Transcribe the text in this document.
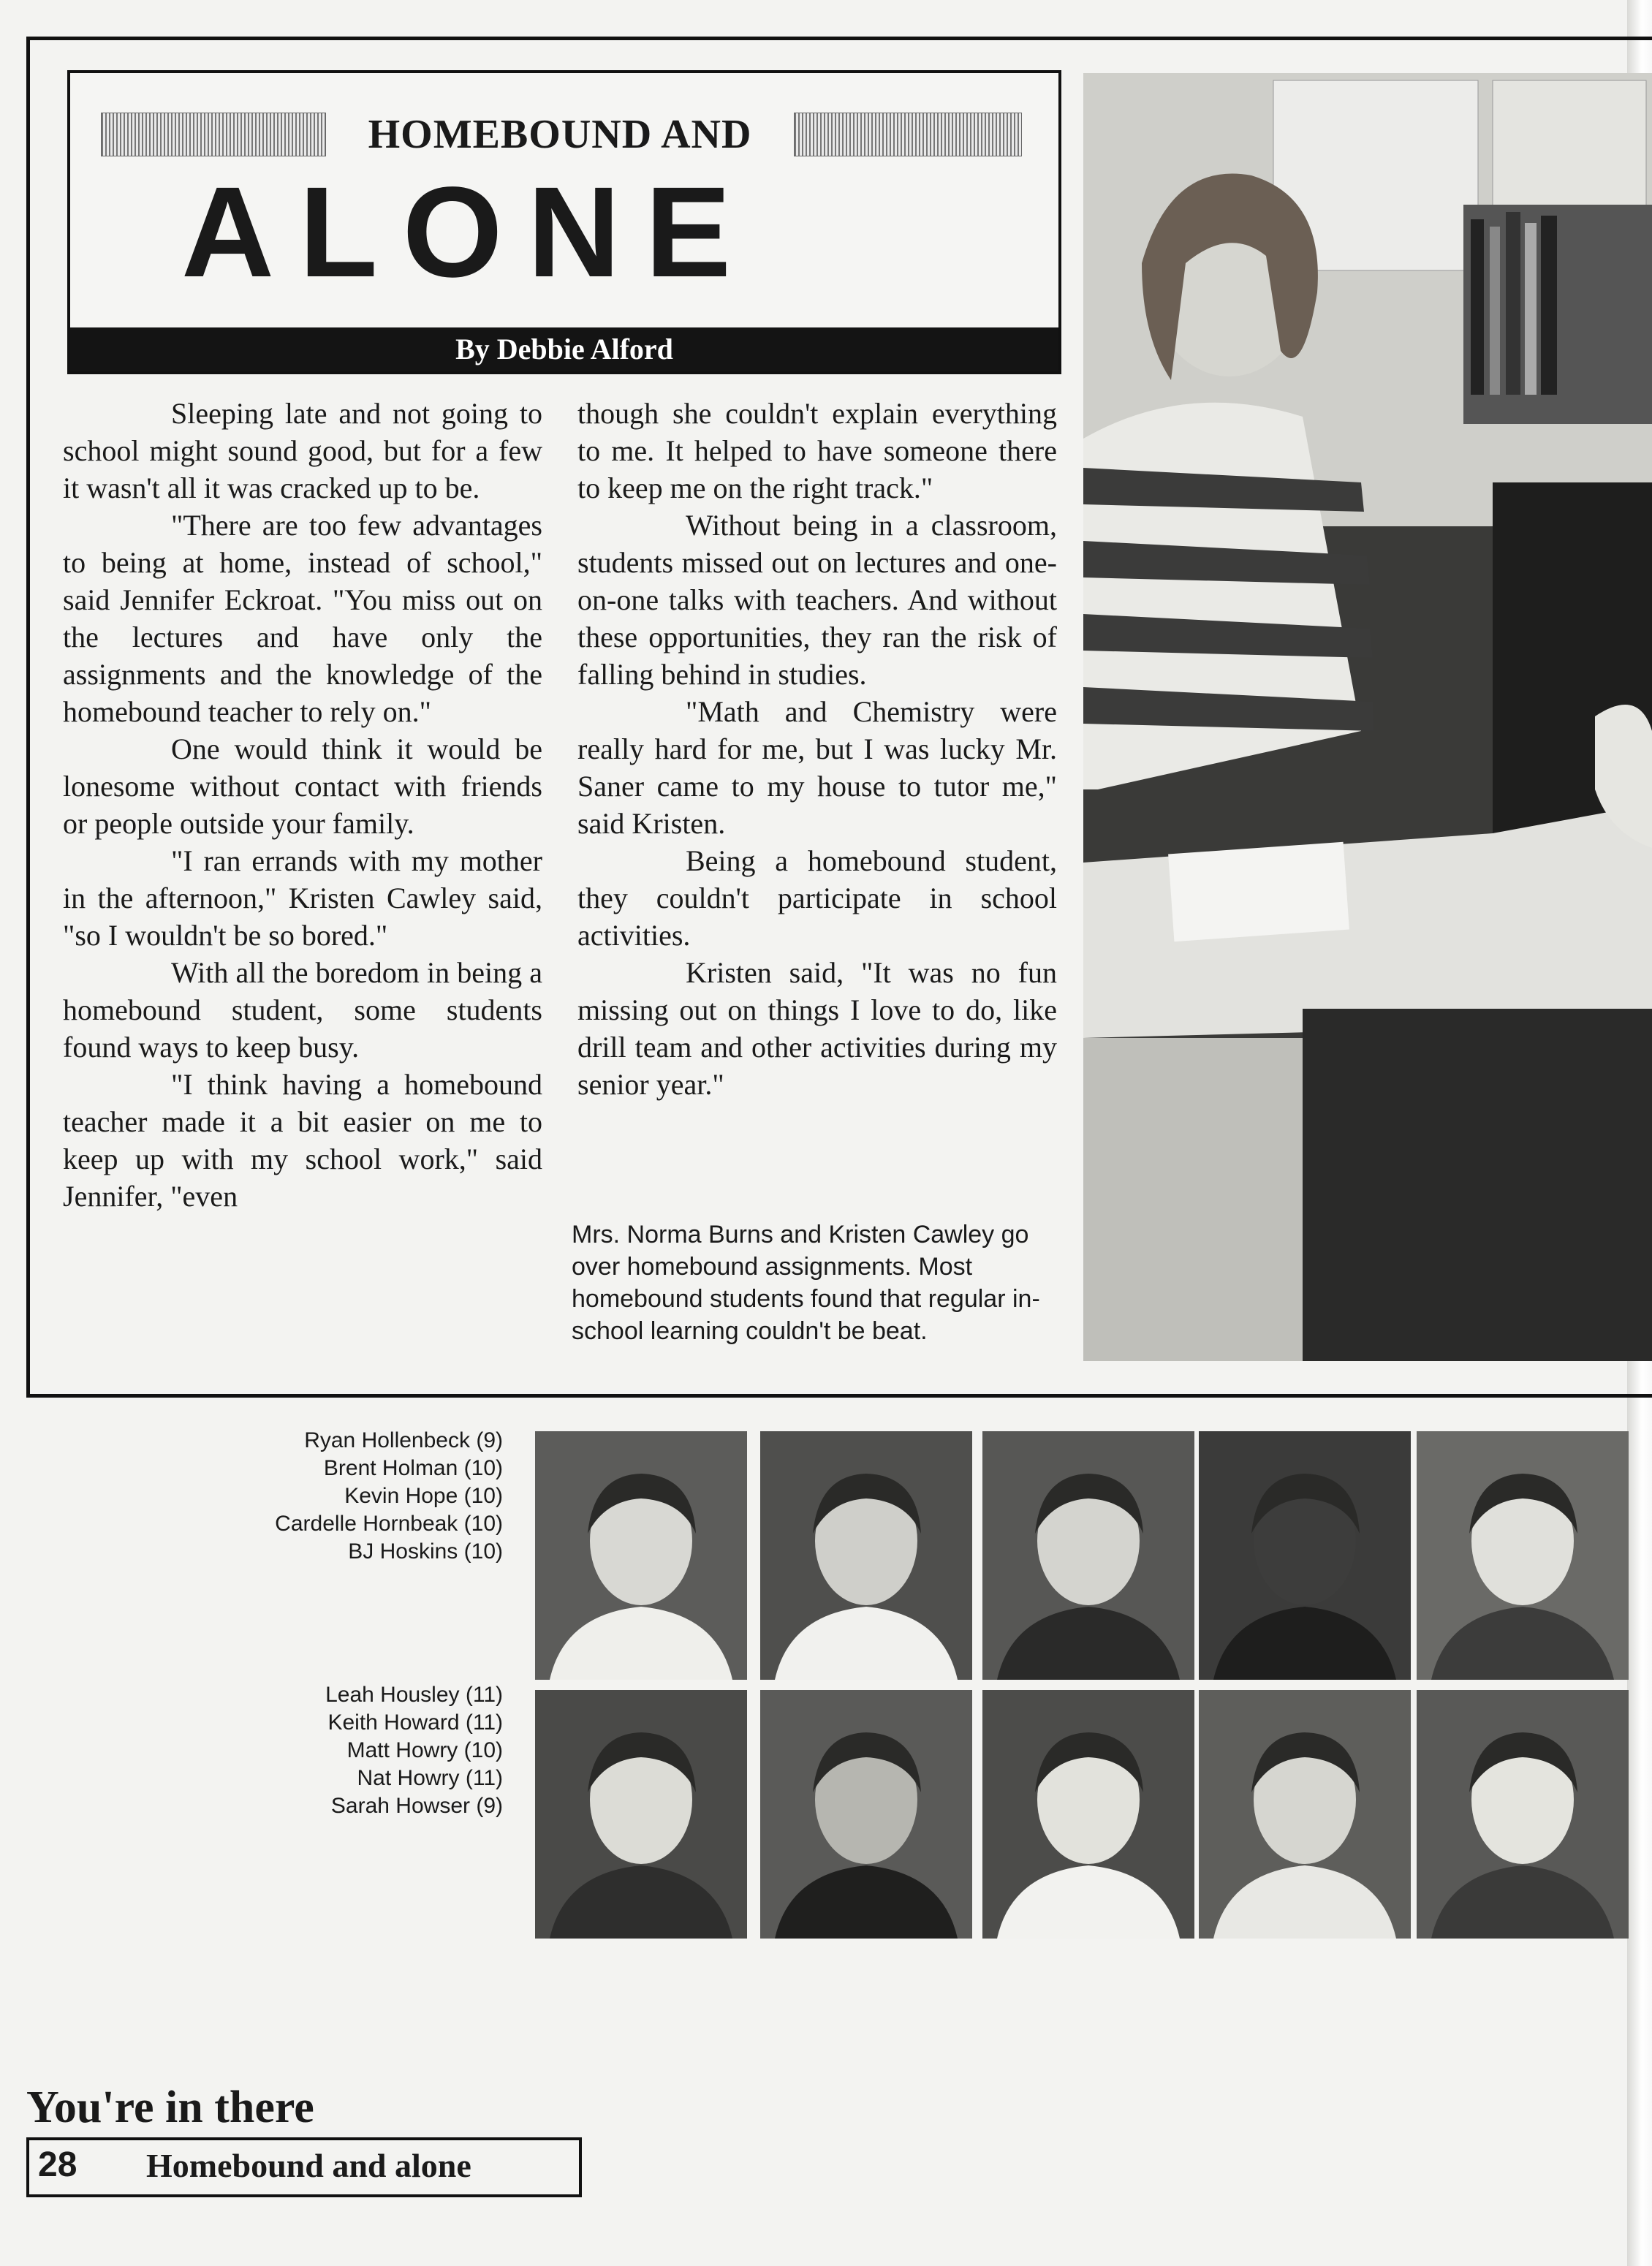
HOMEBOUND AND
ALONE
By Debbie Alford

Sleeping late and not going to school might sound good, but for a few it wasn't all it was cracked up to be.

"There are too few advantages to being at home, instead of school," said Jennifer Eckroat. "You miss out on the lectures and have only the assignments and the knowledge of the homebound teacher to rely on."

One would think it would be lonesome without contact with friends or people outside your family.

"I ran errands with my mother in the afternoon," Kristen Cawley said, "so I wouldn't be so bored."

With all the boredom in being a homebound student, some students found ways to keep busy.

"I think having a homebound teacher made it a bit easier on me to keep up with my school work," said Jennifer, "even

though she couldn't explain everything to me. It helped to have someone there to keep me on the right track."

Without being in a classroom, students missed out on lectures and one-on-one talks with teachers. And without these opportunities, they ran the risk of falling behind in studies.

"Math and Chemistry were really hard for me, but I was lucky Mr. Saner came to my house to tutor me," said Kristen.

Being a homebound student, they couldn't participate in school activities.

Kristen said, "It was no fun missing out on things I love to do, like drill team and other activities during my senior year."

Mrs. Norma Burns and Kristen Cawley go over homebound assignments. Most homebound students found that regular in-school learning couldn't be beat.
Ryan Hollenbeck (9)
Brent Holman (10)
Kevin Hope (10)
Cardelle Hornbeak (10)
BJ Hoskins (10)
Leah Housley (11)
Keith Howard (11)
Matt Howry (10)
Nat Howry (11)
Sarah Howser (9)
You're in there
28 Homebound and alone
